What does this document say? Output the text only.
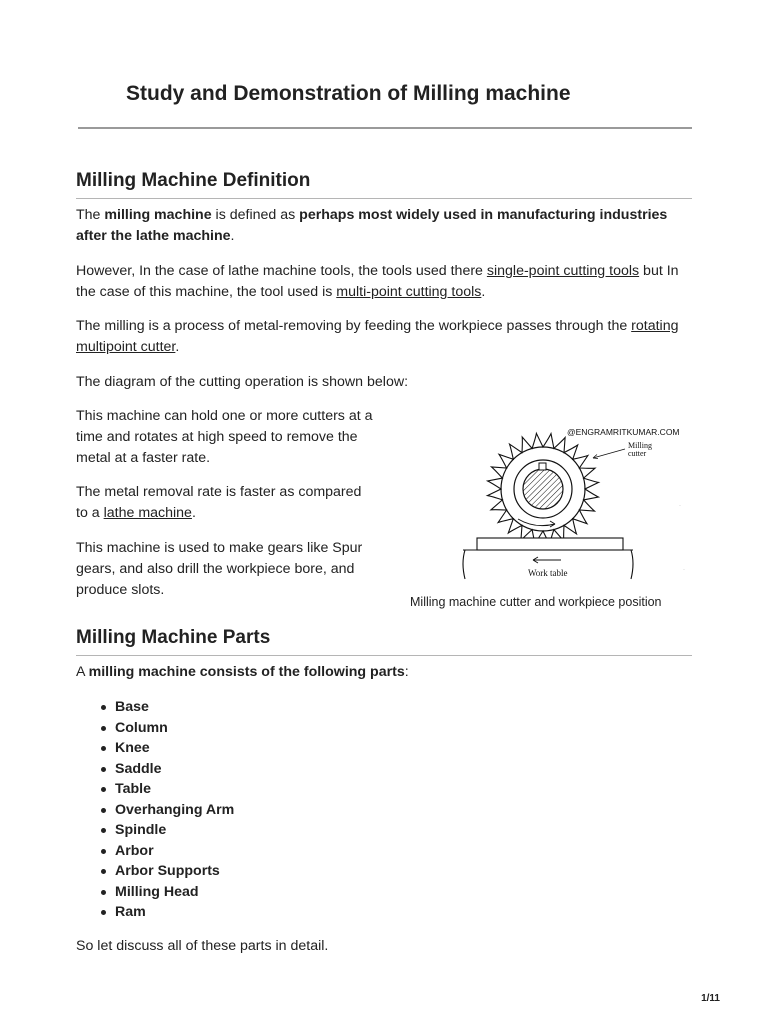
Study and Demonstration of Milling machine
Milling Machine Definition

The milling machine is defined as perhaps most widely used in manufacturing industries after the lathe machine.

However, In the case of lathe machine tools, the tools used there single-point cutting tools but In the case of this machine, the tool used is multi-point cutting tools.

The milling is a process of metal-removing by feeding the workpiece passes through the rotating multipoint cutter.

The diagram of the cutting operation is shown below:

This machine can hold one or more cutters at a time and rotates at high speed to remove the metal at a faster rate.

The metal removal rate is faster as compared to a lathe machine.

This machine is used to make gears like Spur gears, and also drill the workpiece bore, and produce slots.

@ENGRAMRITKUMAR.COM
Milling
cutter
Work table
·
·

Milling machine cutter and workpiece position

Milling Machine Parts

A milling machine consists of the following parts:

Base
Column
Knee
Saddle
Table
Overhanging Arm
Spindle
Arbor
Arbor Supports
Milling Head
Ram

So let discuss all of these parts in detail.

1/11
